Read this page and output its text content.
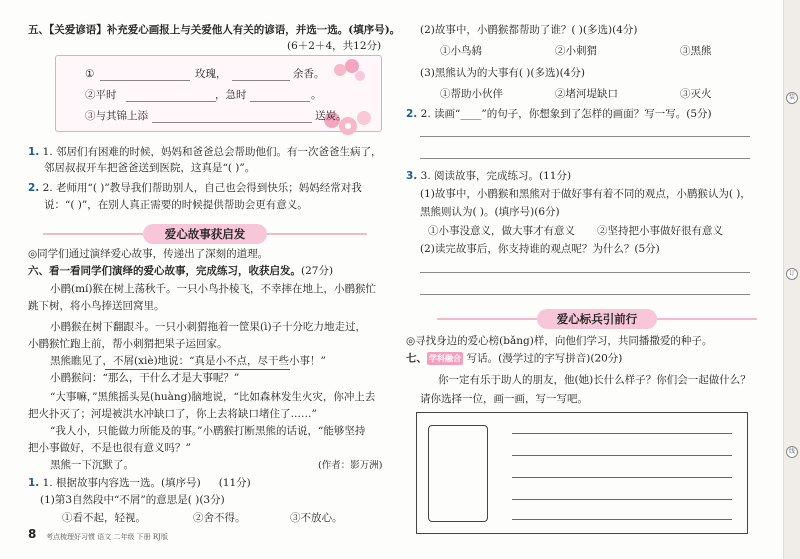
装
订
线
五、【关爱谚语】补充爱心画报上与关爱他人有关的谚语，并选一选。(填序号)。
(6＋2＋4，共12分)
①	玫瑰，	余香。
②平时	，急时	。
③与其锦上添	送炭。
1. 1. 邻居们有困难的时候，妈妈和爸爸总会帮助他们。有一次爸爸生病了，
邻居叔叔开车把爸爸送到医院，这真是“( )”。
2. 2. 老师用“( )”教导我们帮助别人，自己也会得到快乐；妈妈经常对我
说：“( )”，在别人真正需要的时候提供帮助会更有意义。
爱心故事获启发
◎同学们通过演绎爱心故事，传递出了深刻的道理。
六、看一看同学们演绎的爱心故事，完成练习，收获启发。(27分)
小鹛(mí)猴在树上荡秋千。一只小鸟扑棱飞，不幸摔在地上，小鹛猴忙
跳下树，将小鸟捧送回窝里。
小鹛猴在树下翻跟斗。一只小刺猬拖着一筐果(ì)子十分吃力地走过，
小鹛猴忙跑上前，帮小刺猬把果子运回家。
黑熊瞧见了，不屑(xiè)地说：“真是小不点，尽干些小事！”
小鹛猴问：“那么，干什么才是大事呢？”
“大事嘛，”黑熊摇头晃(huàng)脑地说，“比如森林发生火灾，你冲上去
把火扑灭了；河堤被洪水冲缺口了，你上去将缺口堵住了……”
“我人小，只能做力所能及的事。”小鹛猴打断黑熊的话说，“能够坚持
把小事做好，不是也很有意义吗？”
黑熊一下沉默了。	(作者：影万洲)
1. 1. 根据故事内容选一选。(填序号) (11分)
(1)第3自然段中“不屑”的意思是( )(3分)
①看不起，轻视。	②舍不得。	③不放心。
8 考点梳理好习惯 语文 二年级 下册 RJ版
(2)故事中，小鹛猴都帮助了谁？( )(多选)(4分)
①小鸟鸫	②小刺猬	③黑熊
(3)黑熊认为的大事有( )(多选)(4分)
①帮助小伙伴	②堵河堤缺口	③灭火
2. 2. 读画“____”的句子，你想象到了怎样的画面？写一写。(5分)
3. 3. 阅读故事，完成练习。(11分)
(1)故事中，小鹛猴和黑熊对于做好事有着不同的观点，小鹛猴认为( )，
黑熊则认为( )。(填序号)(6分)
①小事没意义，做大事才有意义 ②坚持把小事做好很有意义
(2)读完故事后，你支持谁的观点呢？为什么？(5分)
爱心标兵引前行
◎寻找身边的爱心榜(bǎng)样，向他们学习，共同播撒爱的种子。
七、 学科融合 写话。(漫学过的字写拼音)(20分)
你一定有乐于助人的朋友，他(她)长什么样子？你们会一起做什么？
请你选择一位，画一画，写一写吧。
